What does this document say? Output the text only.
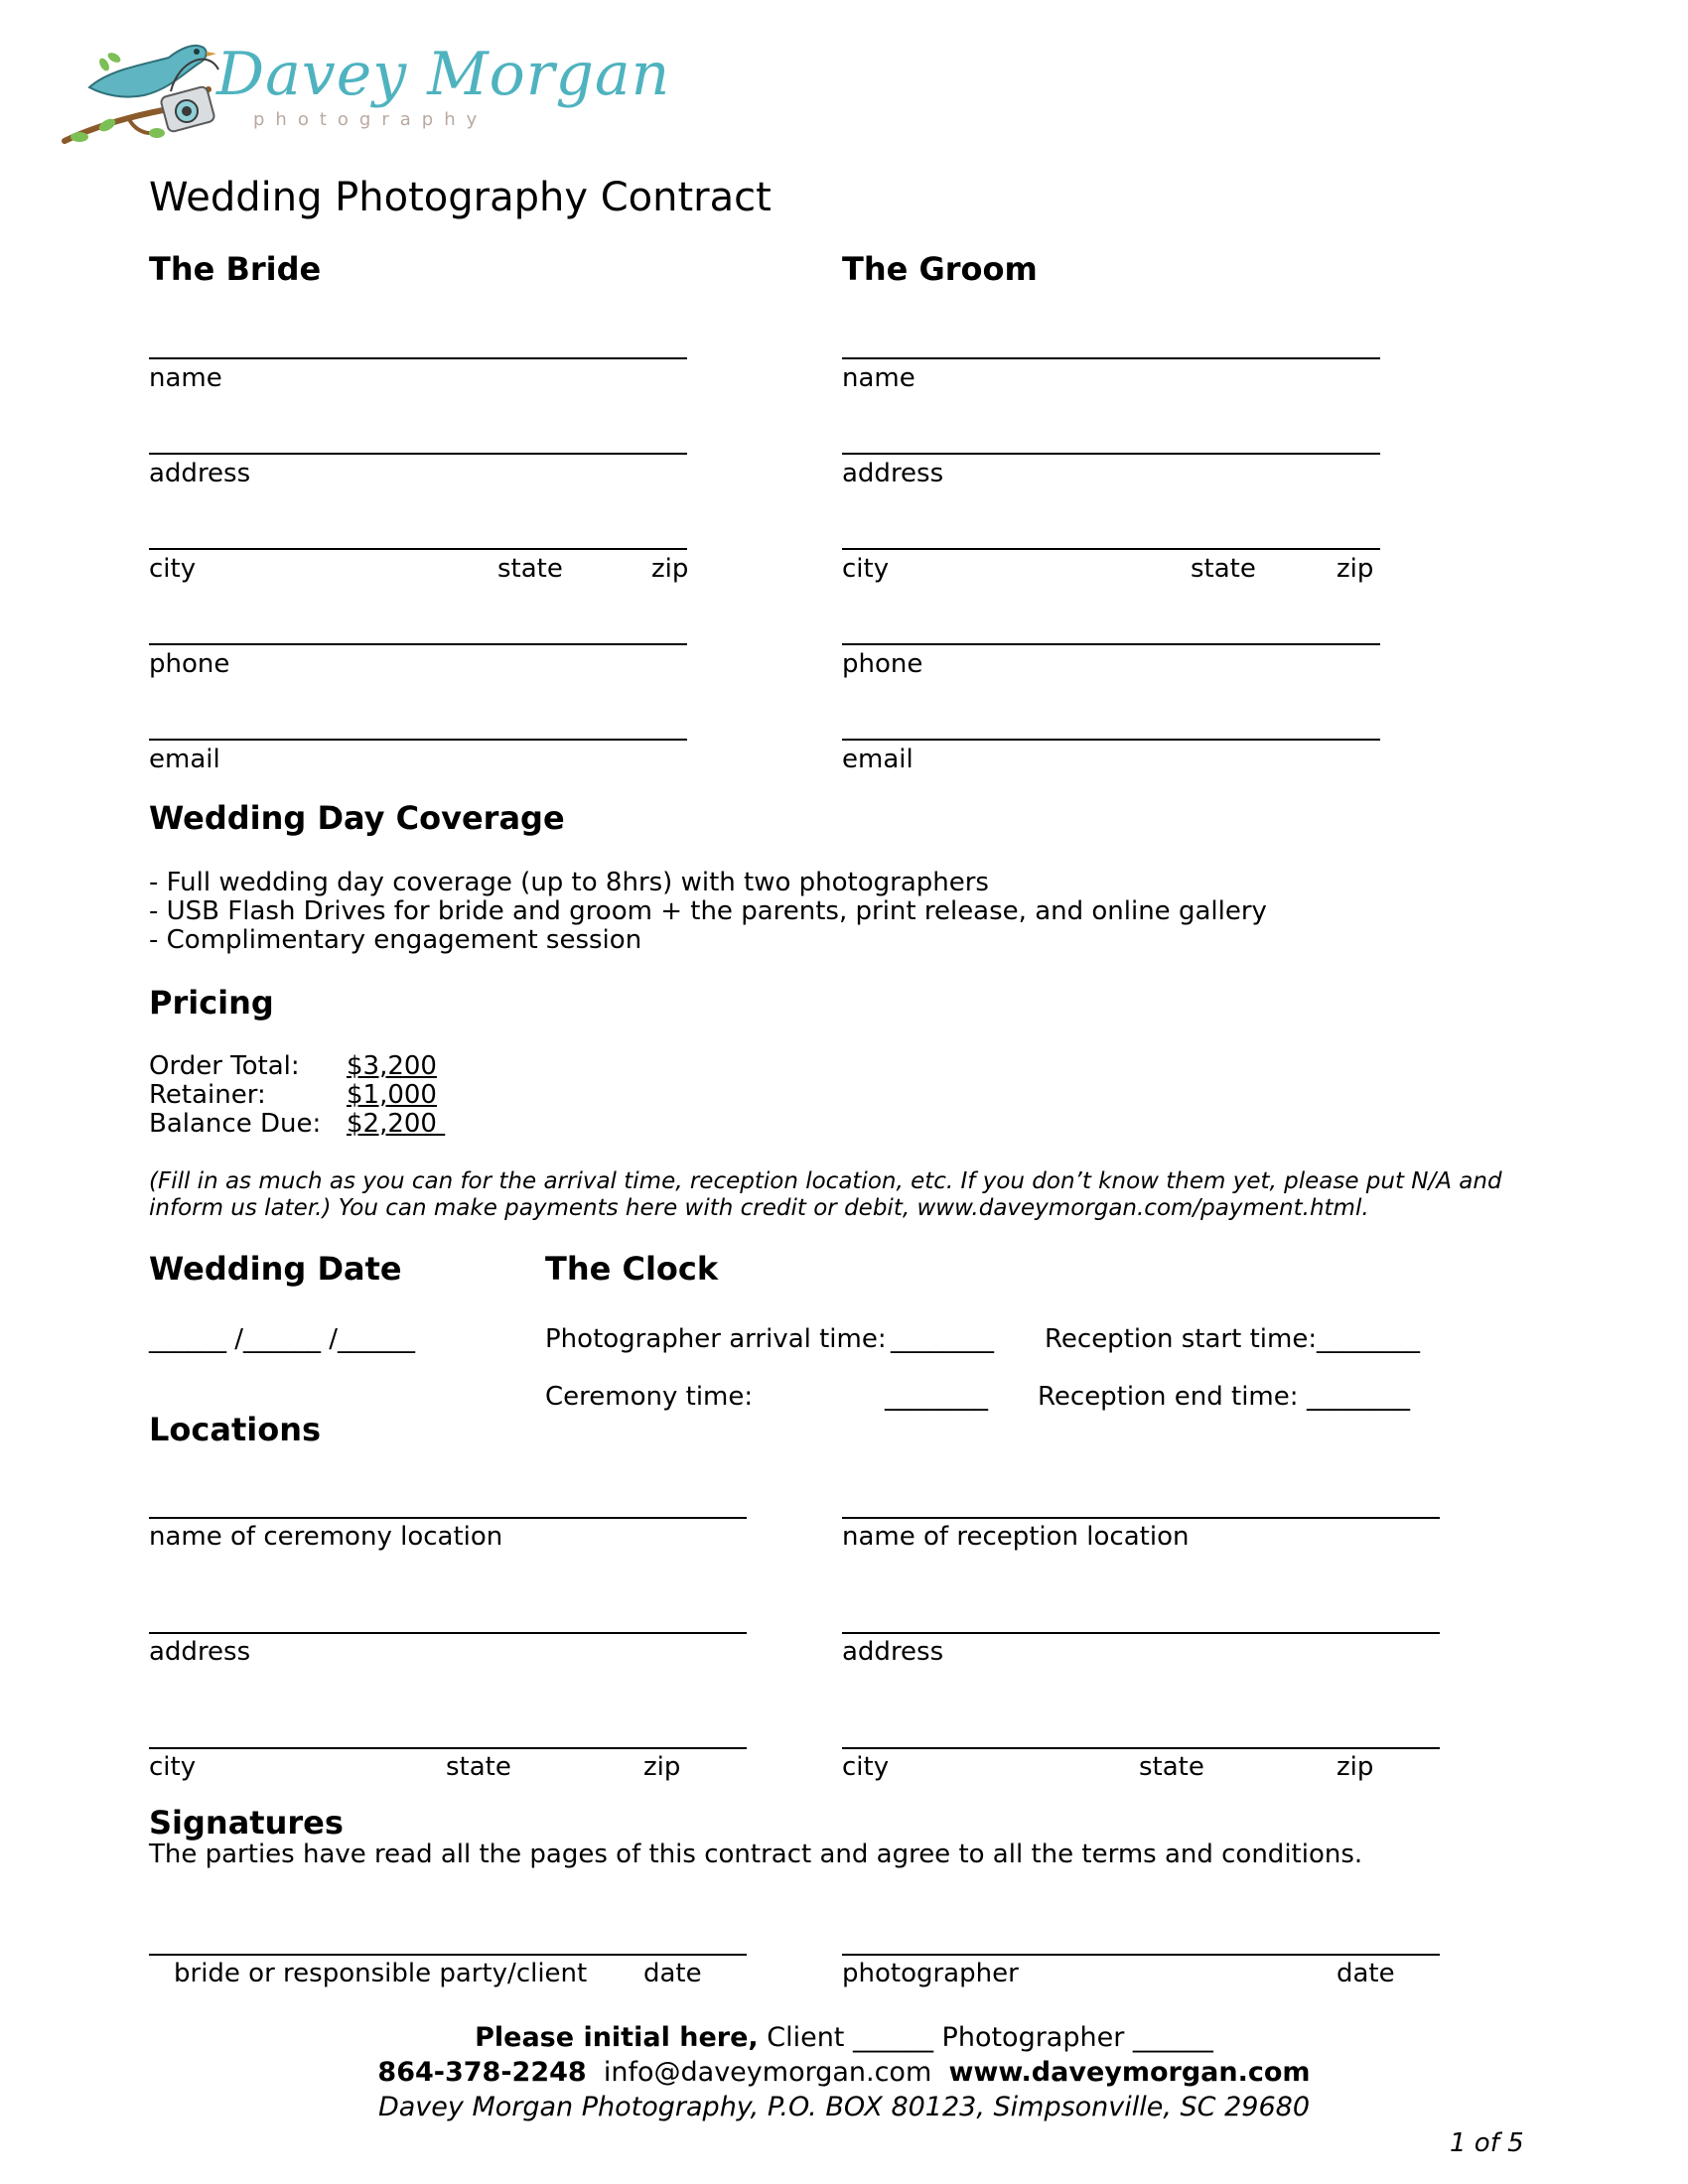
Davey Morgan
photography
Wedding Photography Contract
The Bride	The Groom
name
address
city	state	zip
phone
email
name
address
city	state	zip
phone
email
Wedding Day Coverage
- Full wedding day coverage (up to 8hrs) with two photographers
- USB Flash Drives for bride and groom + the parents, print release, and online gallery
- Complimentary engagement session
Pricing
Order Total: $3,200
Retainer:	$1,000
Balance Due: $2,200
(Fill in as much as you can for the arrival time, reception location, etc. If you don’t know them yet, please put N/A and
inform us later.) You can make payments here with credit or debit, www.daveymorgan.com/payment.html.
Wedding Date
______ /______ /______
The Clock
Photographer arrival time: ________ Reception start time: ________
Ceremony time:	________ Reception end time: ________
Locations
name of ceremony location	name of reception location
address	address
city	state	zip	city	state	zip
Signatures
The parties have read all the pages of this contract and agree to all the terms and conditions.
bride or responsible party/client date	photographer	date
Please initial here, Client ______ Photographer ______
864-378-2248 info@daveymorgan.com www.daveymorgan.com
Davey Morgan Photography, P.O. BOX 80123, Simpsonville, SC 29680
1 of 5
